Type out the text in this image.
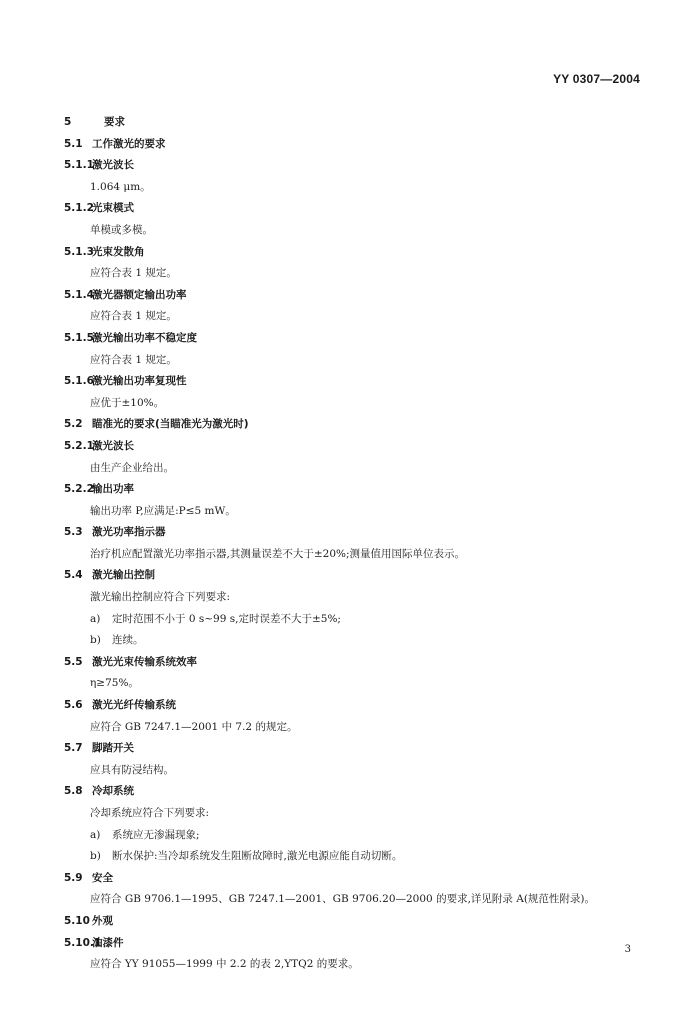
YY 0307—2004
5	要求
5.1 工作激光的要求
5.1.1激光波长
1.064 μm。
5.1.2光束模式
单模或多模。
5.1.3光束发散角
应符合表 1 规定。
5.1.4激光器额定输出功率
应符合表 1 规定。
5.1.5激光输出功率不稳定度
应符合表 1 规定。
5.1.6激光输出功率复现性
应优于±10%。
5.2 瞄准光的要求(当瞄准光为激光时)
5.2.1激光波长
由生产企业给出。
5.2.2输出功率
输出功率 P,应满足:P≤5 mW。
5.3 激光功率指示器
治疗机应配置激光功率指示器,其测量误差不大于±20%;测量值用国际单位表示。
5.4 激光输出控制
激光输出控制应符合下列要求:
a) 定时范围不小于 0 s~99 s,定时误差不大于±5%;
b) 连续。
5.5 激光光束传输系统效率
η≥75%。
5.6 激光光纤传输系统
应符合 GB 7247.1—2001 中 7.2 的规定。
5.7 脚踏开关
应具有防浸结构。
5.8 冷却系统
冷却系统应符合下列要求:
a) 系统应无渗漏现象;
b) 断水保护:当冷却系统发生阻断故障时,激光电源应能自动切断。
5.9 安全
应符合 GB 9706.1—1995、GB 7247.1—2001、GB 9706.20—2000 的要求,详见附录 A(规范性附录)。
5.10 外观
5.10.1油漆件
应符合 YY 91055—1999 中 2.2 的表 2,YTQ2 的要求。
3
